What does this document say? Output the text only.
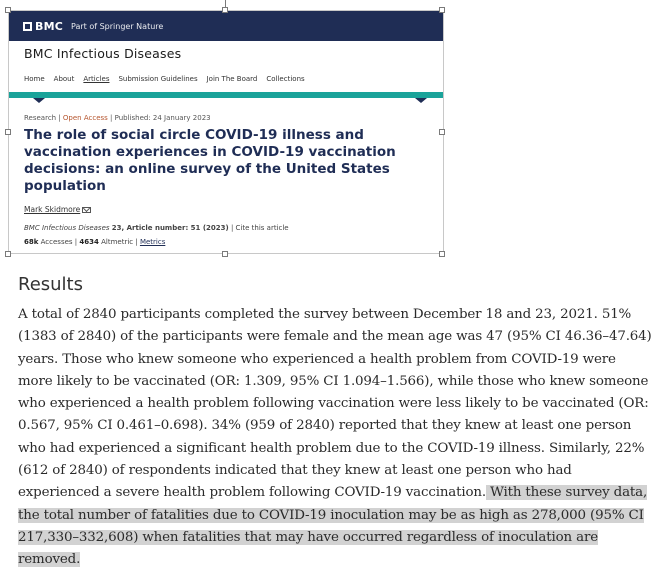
BMC Part of Springer Nature
BMC Infectious Diseases
Home About Articles Submission Guidelines Join The Board Collections
Research | Open Access | Published: 24 January 2023
The role of social circle COVID-19 illness and vaccination experiences in COVID-19 vaccination decisions: an online survey of the United States population
Mark Skidmore
BMC Infectious Diseases 23, Article number: 51 (2023) | Cite this article
68k Accesses | 4634 Altmetric | Metrics
Results
A total of 2840 participants completed the survey between December 18 and 23, 2021. 51%
(1383 of 2840) of the participants were female and the mean age was 47 (95% CI 46.36–47.64)
years. Those who knew someone who experienced a health problem from COVID-19 were
more likely to be vaccinated (OR: 1.309, 95% CI 1.094–1.566), while those who knew someone
who experienced a health problem following vaccination were less likely to be vaccinated (OR:
0.567, 95% CI 0.461–0.698). 34% (959 of 2840) reported that they knew at least one person
who had experienced a significant health problem due to the COVID-19 illness. Similarly, 22%
(612 of 2840) of respondents indicated that they knew at least one person who had
experienced a severe health problem following COVID-19 vaccination. With these survey data,
the total number of fatalities due to COVID-19 inoculation may be as high as 278,000 (95% CI
217,330–332,608) when fatalities that may have occurred regardless of inoculation are
removed.
